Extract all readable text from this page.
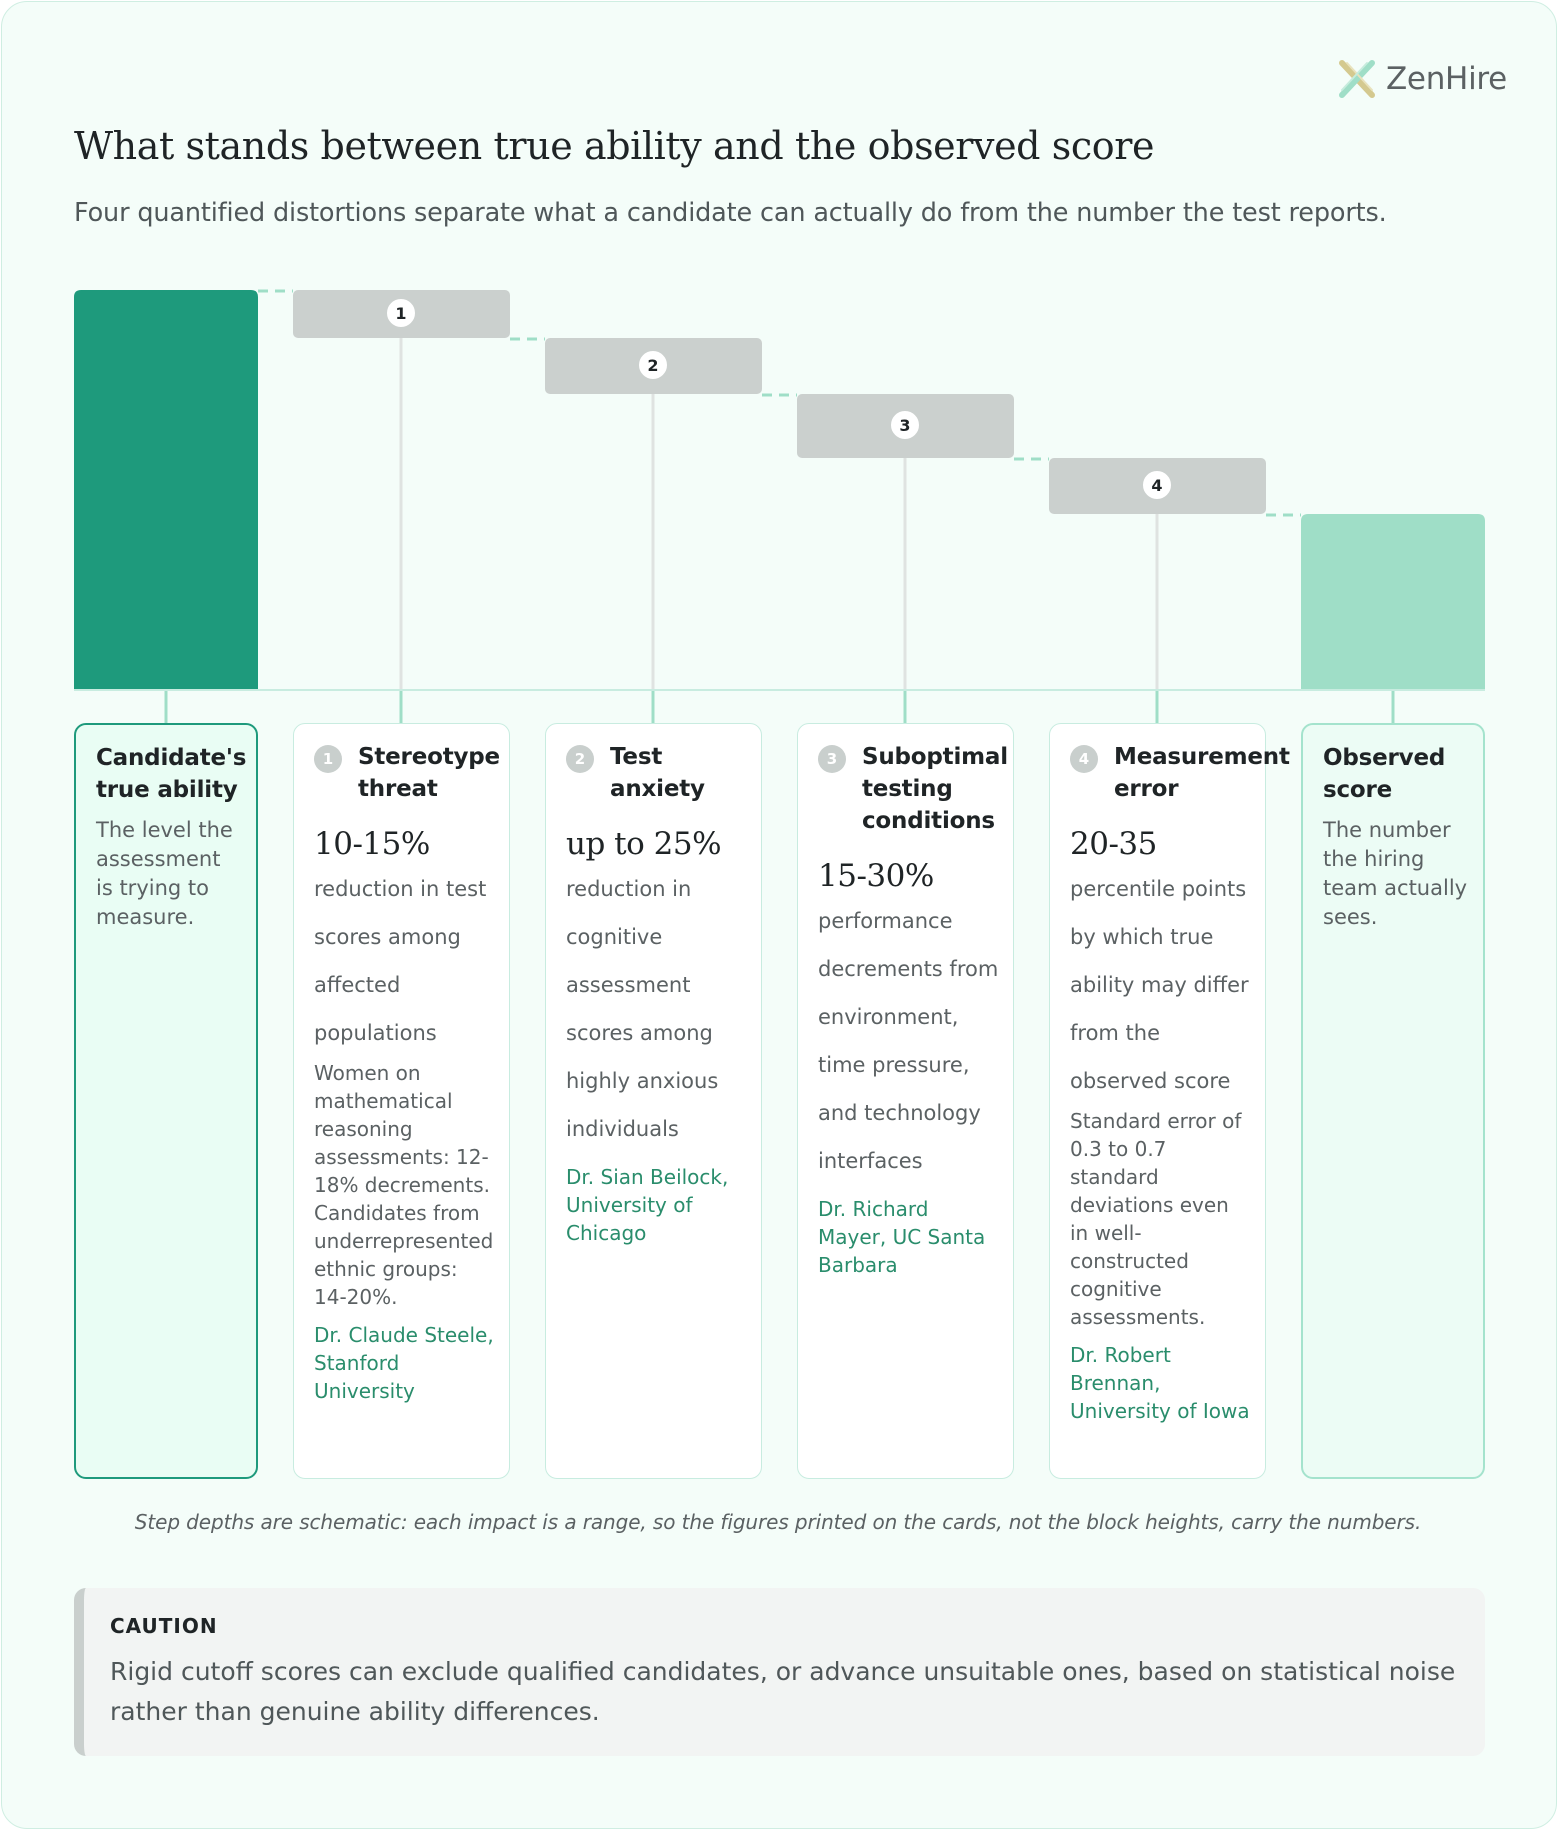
ZenHire
What stands between true ability and the observed score
Four quantified distortions separate what a candidate can actually do from the number the test reports.
1
2
3
4
Candidate's true ability
The level the assessment is trying to measure.
1	Stereotype threat
10-15%
reduction in test scores among affected populations
Women on mathematical reasoning assessments: 12-18% decrements. Candidates from underrepresented ethnic groups: 14-20%.
Dr. Claude Steele, Stanford University
2	Test anxiety
up to 25%
reduction in cognitive assessment scores among highly anxious individuals
Dr. Sian Beilock, University of Chicago
3	Suboptimal testing conditions
15-30%
performance decrements from environment, time pressure, and technology interfaces
Dr. Richard Mayer, UC Santa Barbara
4	Measurement error
20-35
percentile points by which true ability may differ from the observed score
Standard error of 0.3 to 0.7 standard deviations even in well-constructed cognitive assessments.
Dr. Robert Brennan, University of Iowa
Observed score
The number the hiring team actually sees.
Step depths are schematic: each impact is a range, so the figures printed on the cards, not the block heights, carry the numbers.
CAUTION
Rigid cutoff scores can exclude qualified candidates, or advance unsuitable ones, based on statistical noise rather than genuine ability differences.
